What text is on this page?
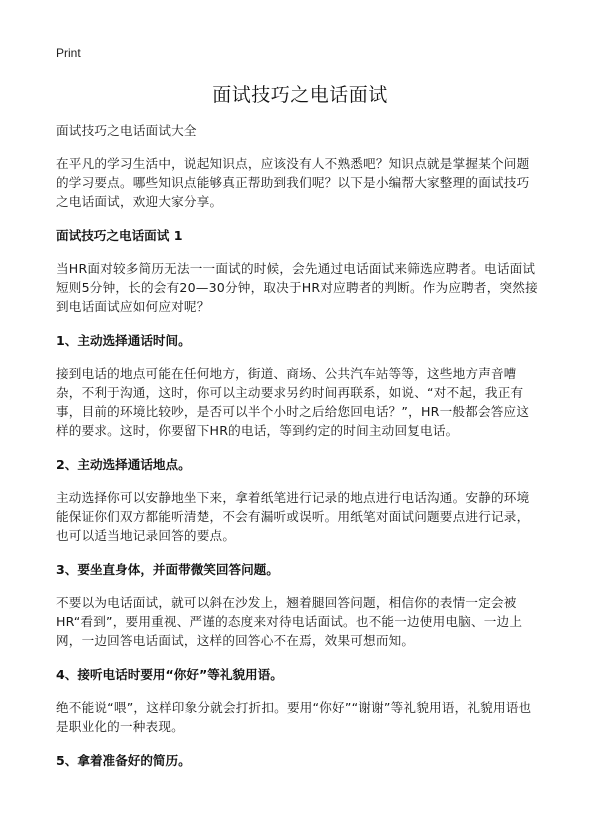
Print
面试技巧之电话面试

面试技巧之电话面试大全

在平凡的学习生活中，说起知识点，应该没有人不熟悉吧？知识点就是掌握某个问题的学习要点。哪些知识点能够真正帮助到我们呢？以下是小编帮大家整理的面试技巧之电话面试，欢迎大家分享。

面试技巧之电话面试 1

当HR面对较多简历无法一一面试的时候，会先通过电话面试来筛选应聘者。电话面试短则5分钟，长的会有20—30分钟，取决于HR对应聘者的判断。作为应聘者，突然接到电话面试应如何应对呢？

1、主动选择通话时间。

接到电话的地点可能在任何地方，街道、商场、公共汽车站等等，这些地方声音嘈杂，不利于沟通，这时，你可以主动要求另约时间再联系，如说、“对不起，我正有事，目前的环境比较吵，是否可以半个小时之后给您回电话？”，HR一般都会答应这样的要求。这时，你要留下HR的电话，等到约定的时间主动回复电话。

2、主动选择通话地点。

主动选择你可以安静地坐下来，拿着纸笔进行记录的地点进行电话沟通。安静的环境能保证你们双方都能听清楚，不会有漏听或误听。用纸笔对面试问题要点进行记录，也可以适当地记录回答的要点。

3、要坐直身体，并面带微笑回答问题。

不要以为电话面试，就可以斜在沙发上，翘着腿回答问题，相信你的表情一定会被HR“看到”，要用重视、严谨的态度来对待电话面试。也不能一边使用电脑、一边上网，一边回答电话面试，这样的回答心不在焉，效果可想而知。

4、接听电话时要用“你好”等礼貌用语。

绝不能说“喂”，这样印象分就会打折扣。要用“你好”“谢谢”等礼貌用语，礼貌用语也是职业化的一种表现。

5、拿着准备好的简历。
